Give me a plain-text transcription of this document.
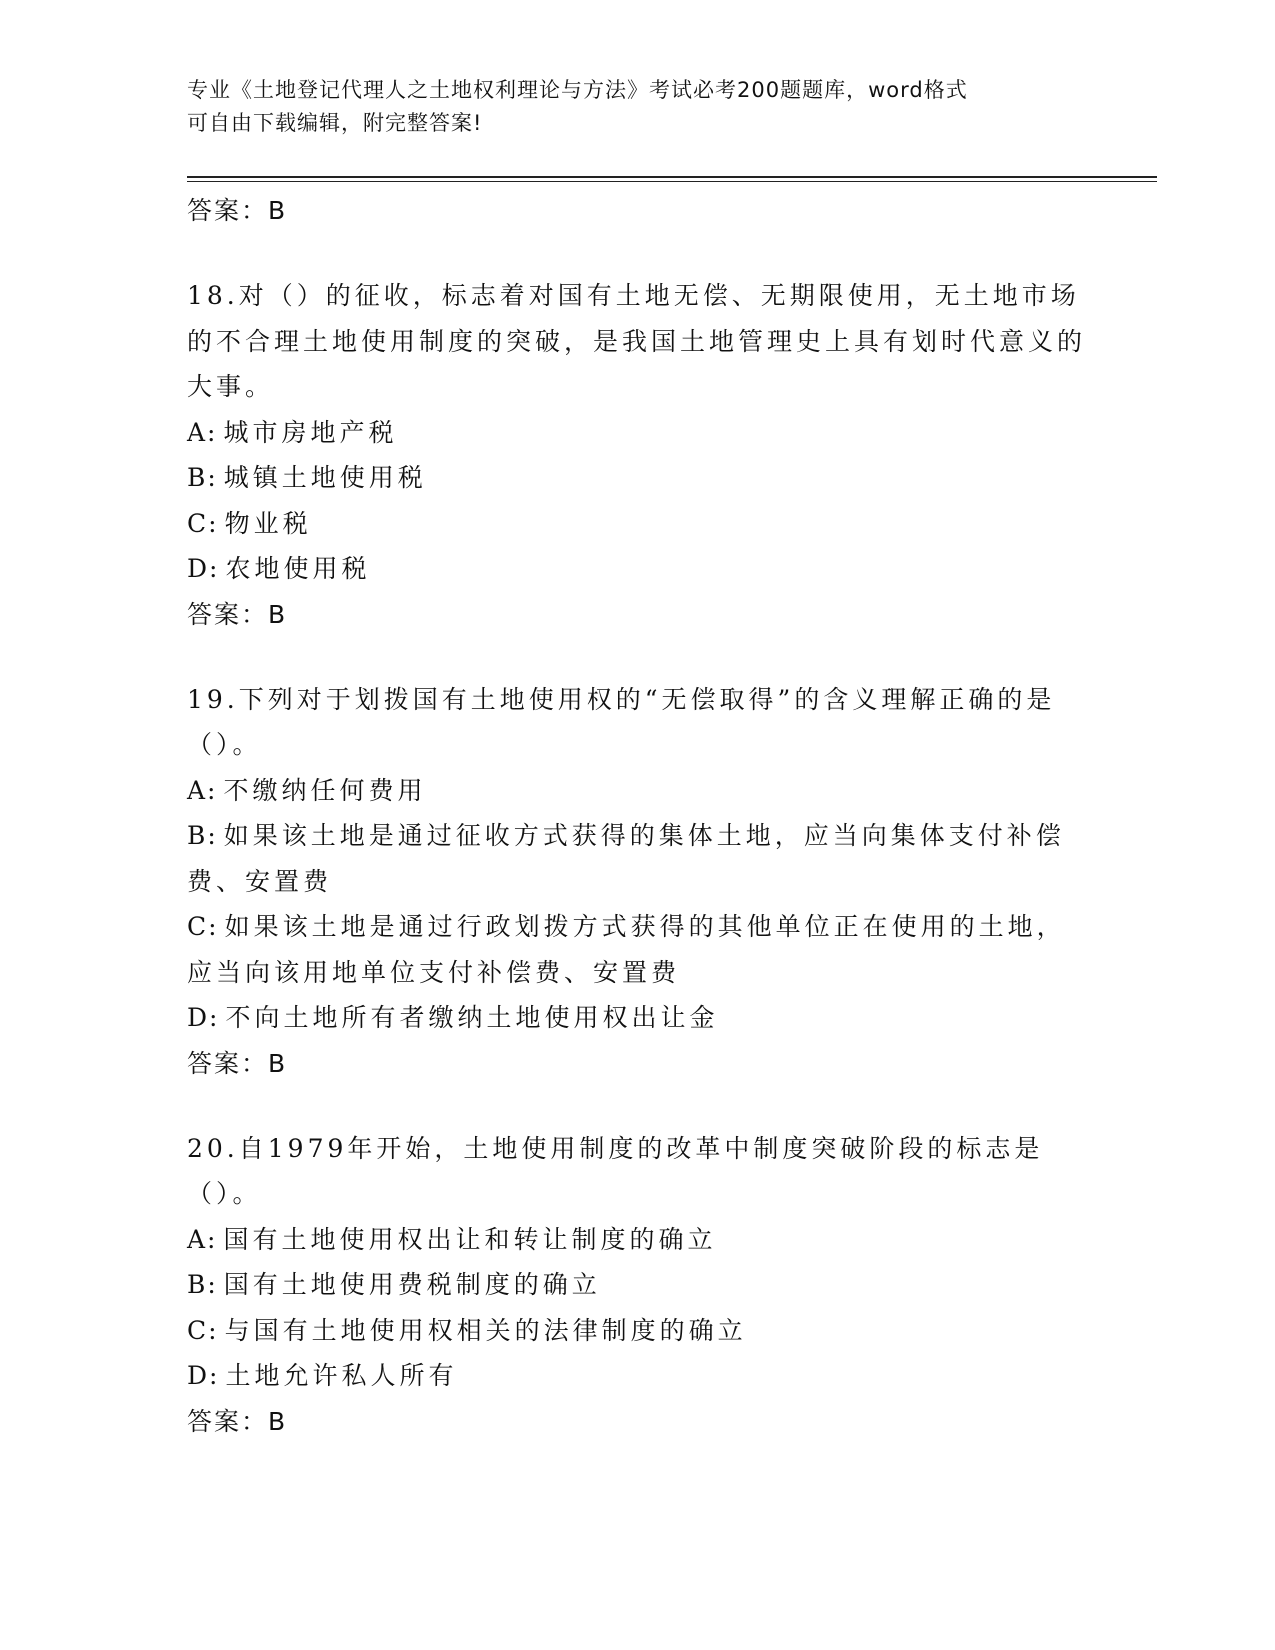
专业《土地登记代理人之土地权利理论与方法》考试必考200题题库，word格式
可自由下载编辑，附完整答案!

答案：B

18.对（）的征收，标志着对国有土地无偿、无期限使用，无土地市场的不合理土地使用制度的突破，是我国土地管理史上具有划时代意义的大事。

A: 城市房地产税

B: 城镇土地使用税

C: 物业税

D: 农地使用税

答案：B

19.下列对于划拨国有土地使用权的“无偿取得”的含义理解正确的是（）。

A: 不缴纳任何费用

B: 如果该土地是通过征收方式获得的集体土地，应当向集体支付补偿费、安置费

C: 如果该土地是通过行政划拨方式获得的其他单位正在使用的土地，应当向该用地单位支付补偿费、安置费

D: 不向土地所有者缴纳土地使用权出让金

答案：B

20.自1979年开始，土地使用制度的改革中制度突破阶段的标志是（）。

A: 国有土地使用权出让和转让制度的确立

B: 国有土地使用费税制度的确立

C: 与国有土地使用权相关的法律制度的确立

D: 土地允许私人所有

答案：B
